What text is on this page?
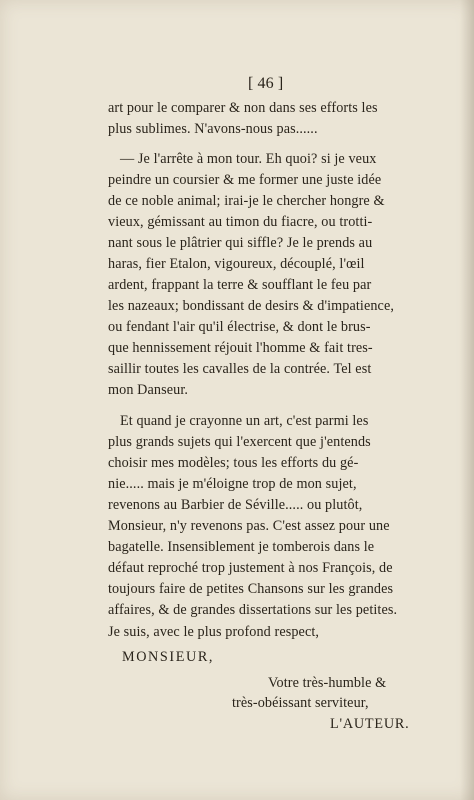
[ 46 ]
art pour le comparer & non dans ses efforts les
plus sublimes. N'avons-nous pas......
— Je l'arrête à mon tour. Eh quoi? si je veux
peindre un coursier & me former une juste idée
de ce noble animal; irai-je le chercher hongre &
vieux, gémissant au timon du fiacre, ou trotti-
nant sous le plâtrier qui siffle? Je le prends au
haras, fier Etalon, vigoureux, découplé, l'œil
ardent, frappant la terre & soufflant le feu par
les nazeaux; bondissant de desirs & d'impatience,
ou fendant l'air qu'il électrise, & dont le brus-
que hennissement réjouit l'homme & fait tres-
saillir toutes les cavalles de la contrée. Tel est
mon Danseur.
Et quand je crayonne un art, c'est parmi les
plus grands sujets qui l'exercent que j'entends
choisir mes modèles; tous les efforts du gé-
nie..... mais je m'éloigne trop de mon sujet,
revenons au Barbier de Séville..... ou plutôt,
Monsieur, n'y revenons pas. C'est assez pour une
bagatelle. Insensiblement je tomberois dans le
défaut reproché trop justement à nos François, de
toujours faire de petites Chansons sur les grandes
affaires, & de grandes dissertations sur les petites.
Je suis, avec le plus profond respect,
MONSIEUR,
Votre très-humble &
très-obéissant serviteur,
L'AUTEUR.
